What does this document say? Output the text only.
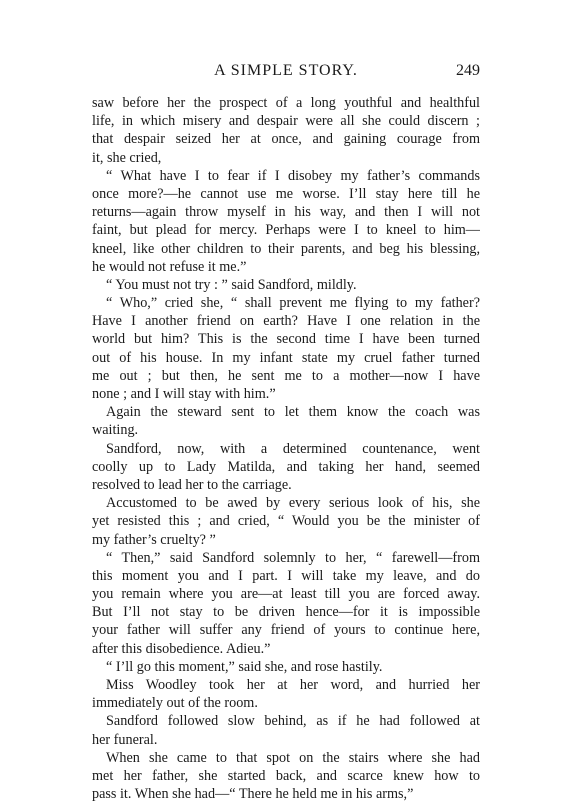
A SIMPLE STORY.	249
saw before her the prospect of a long youthful and healthful
life, in which misery and despair were all she could discern ;
that despair seized her at once, and gaining courage from
it, she cried,
“ What have I to fear if I disobey my father’s commands
once more?—he cannot use me worse. I’ll stay here till he
returns—again throw myself in his way, and then I will not
faint, but plead for mercy. Perhaps were I to kneel to him—
kneel, like other children to their parents, and beg his blessing,
he would not refuse it me.”
“ You must not try : ” said Sandford, mildly.
“ Who,” cried she, “ shall prevent me flying to my father?
Have I another friend on earth? Have I one relation in the
world but him? This is the second time I have been turned
out of his house. In my infant state my cruel father turned
me out ; but then, he sent me to a mother—now I have
none ; and I will stay with him.”
Again the steward sent to let them know the coach was
waiting.
Sandford, now, with a determined countenance, went
coolly up to Lady Matilda, and taking her hand, seemed
resolved to lead her to the carriage.
Accustomed to be awed by every serious look of his, she
yet resisted this ; and cried, “ Would you be the minister of
my father’s cruelty? ”
“ Then,” said Sandford solemnly to her, “ farewell—from
this moment you and I part. I will take my leave, and do
you remain where you are—at least till you are forced away.
But I’ll not stay to be driven hence—for it is impossible
your father will suffer any friend of yours to continue here,
after this disobedience. Adieu.”
“ I’ll go this moment,” said she, and rose hastily.
Miss Woodley took her at her word, and hurried her
immediately out of the room.
Sandford followed slow behind, as if he had followed at
her funeral.
When she came to that spot on the stairs where she had
met her father, she started back, and scarce knew how to
pass it. When she had—“ There he held me in his arms,”
